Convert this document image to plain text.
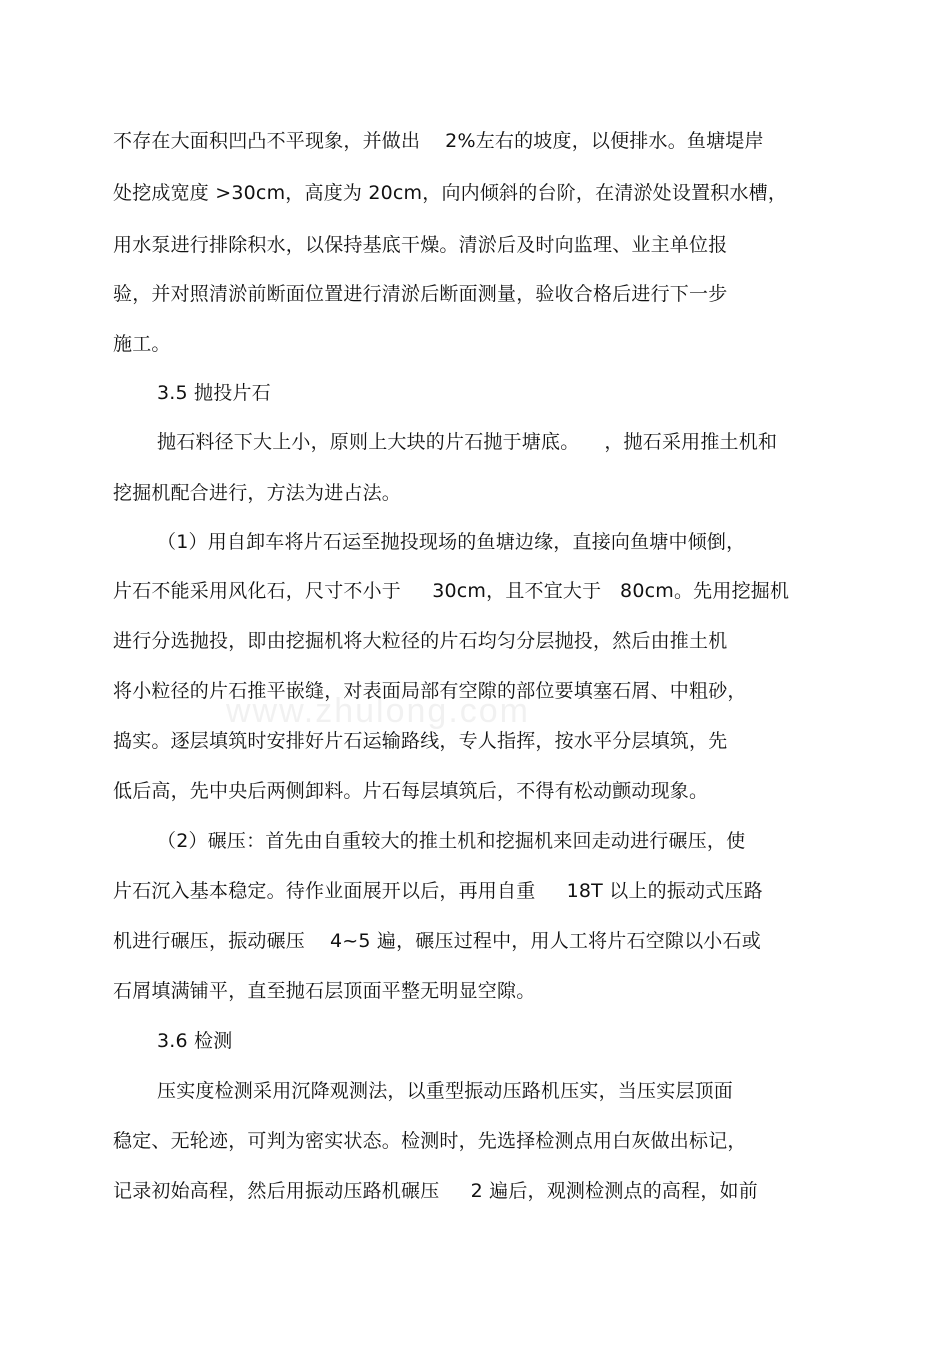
www.zhulong.com
不存在大面积凹凸不平现象，并做出    2%左右的坡度，以便排水。鱼塘堤岸
处挖成宽度 >30cm，高度为 20cm，向内倾斜的台阶，在清淤处设置积水槽，
用水泵进行排除积水，以保持基底干燥。清淤后及时向监理、业主单位报
验，并对照清淤前断面位置进行清淤后断面测量，验收合格后进行下一步
施工。
3.5 抛投片石
抛石料径下大上小，原则上大块的片石抛于塘底。    ，抛石采用推土机和
挖掘机配合进行，方法为进占法。
（1）用自卸车将片石运至抛投现场的鱼塘边缘，直接向鱼塘中倾倒，
片石不能采用风化石，尺寸不小于     30cm，且不宜大于   80cm。先用挖掘机
进行分选抛投，即由挖掘机将大粒径的片石均匀分层抛投，然后由推土机
将小粒径的片石推平嵌缝，对表面局部有空隙的部位要填塞石屑、中粗砂，
捣实。逐层填筑时安排好片石运输路线，专人指挥，按水平分层填筑，先
低后高，先中央后两侧卸料。片石每层填筑后，不得有松动颤动现象。
（2）碾压：首先由自重较大的推土机和挖掘机来回走动进行碾压，使
片石沉入基本稳定。待作业面展开以后，再用自重     18T 以上的振动式压路
机进行碾压，振动碾压    4~5 遍，碾压过程中，用人工将片石空隙以小石或
石屑填满铺平，直至抛石层顶面平整无明显空隙。
3.6 检测
压实度检测采用沉降观测法，以重型振动压路机压实，当压实层顶面
稳定、无轮迹，可判为密实状态。检测时，先选择检测点用白灰做出标记，
记录初始高程，然后用振动压路机碾压     2 遍后，观测检测点的高程，如前
